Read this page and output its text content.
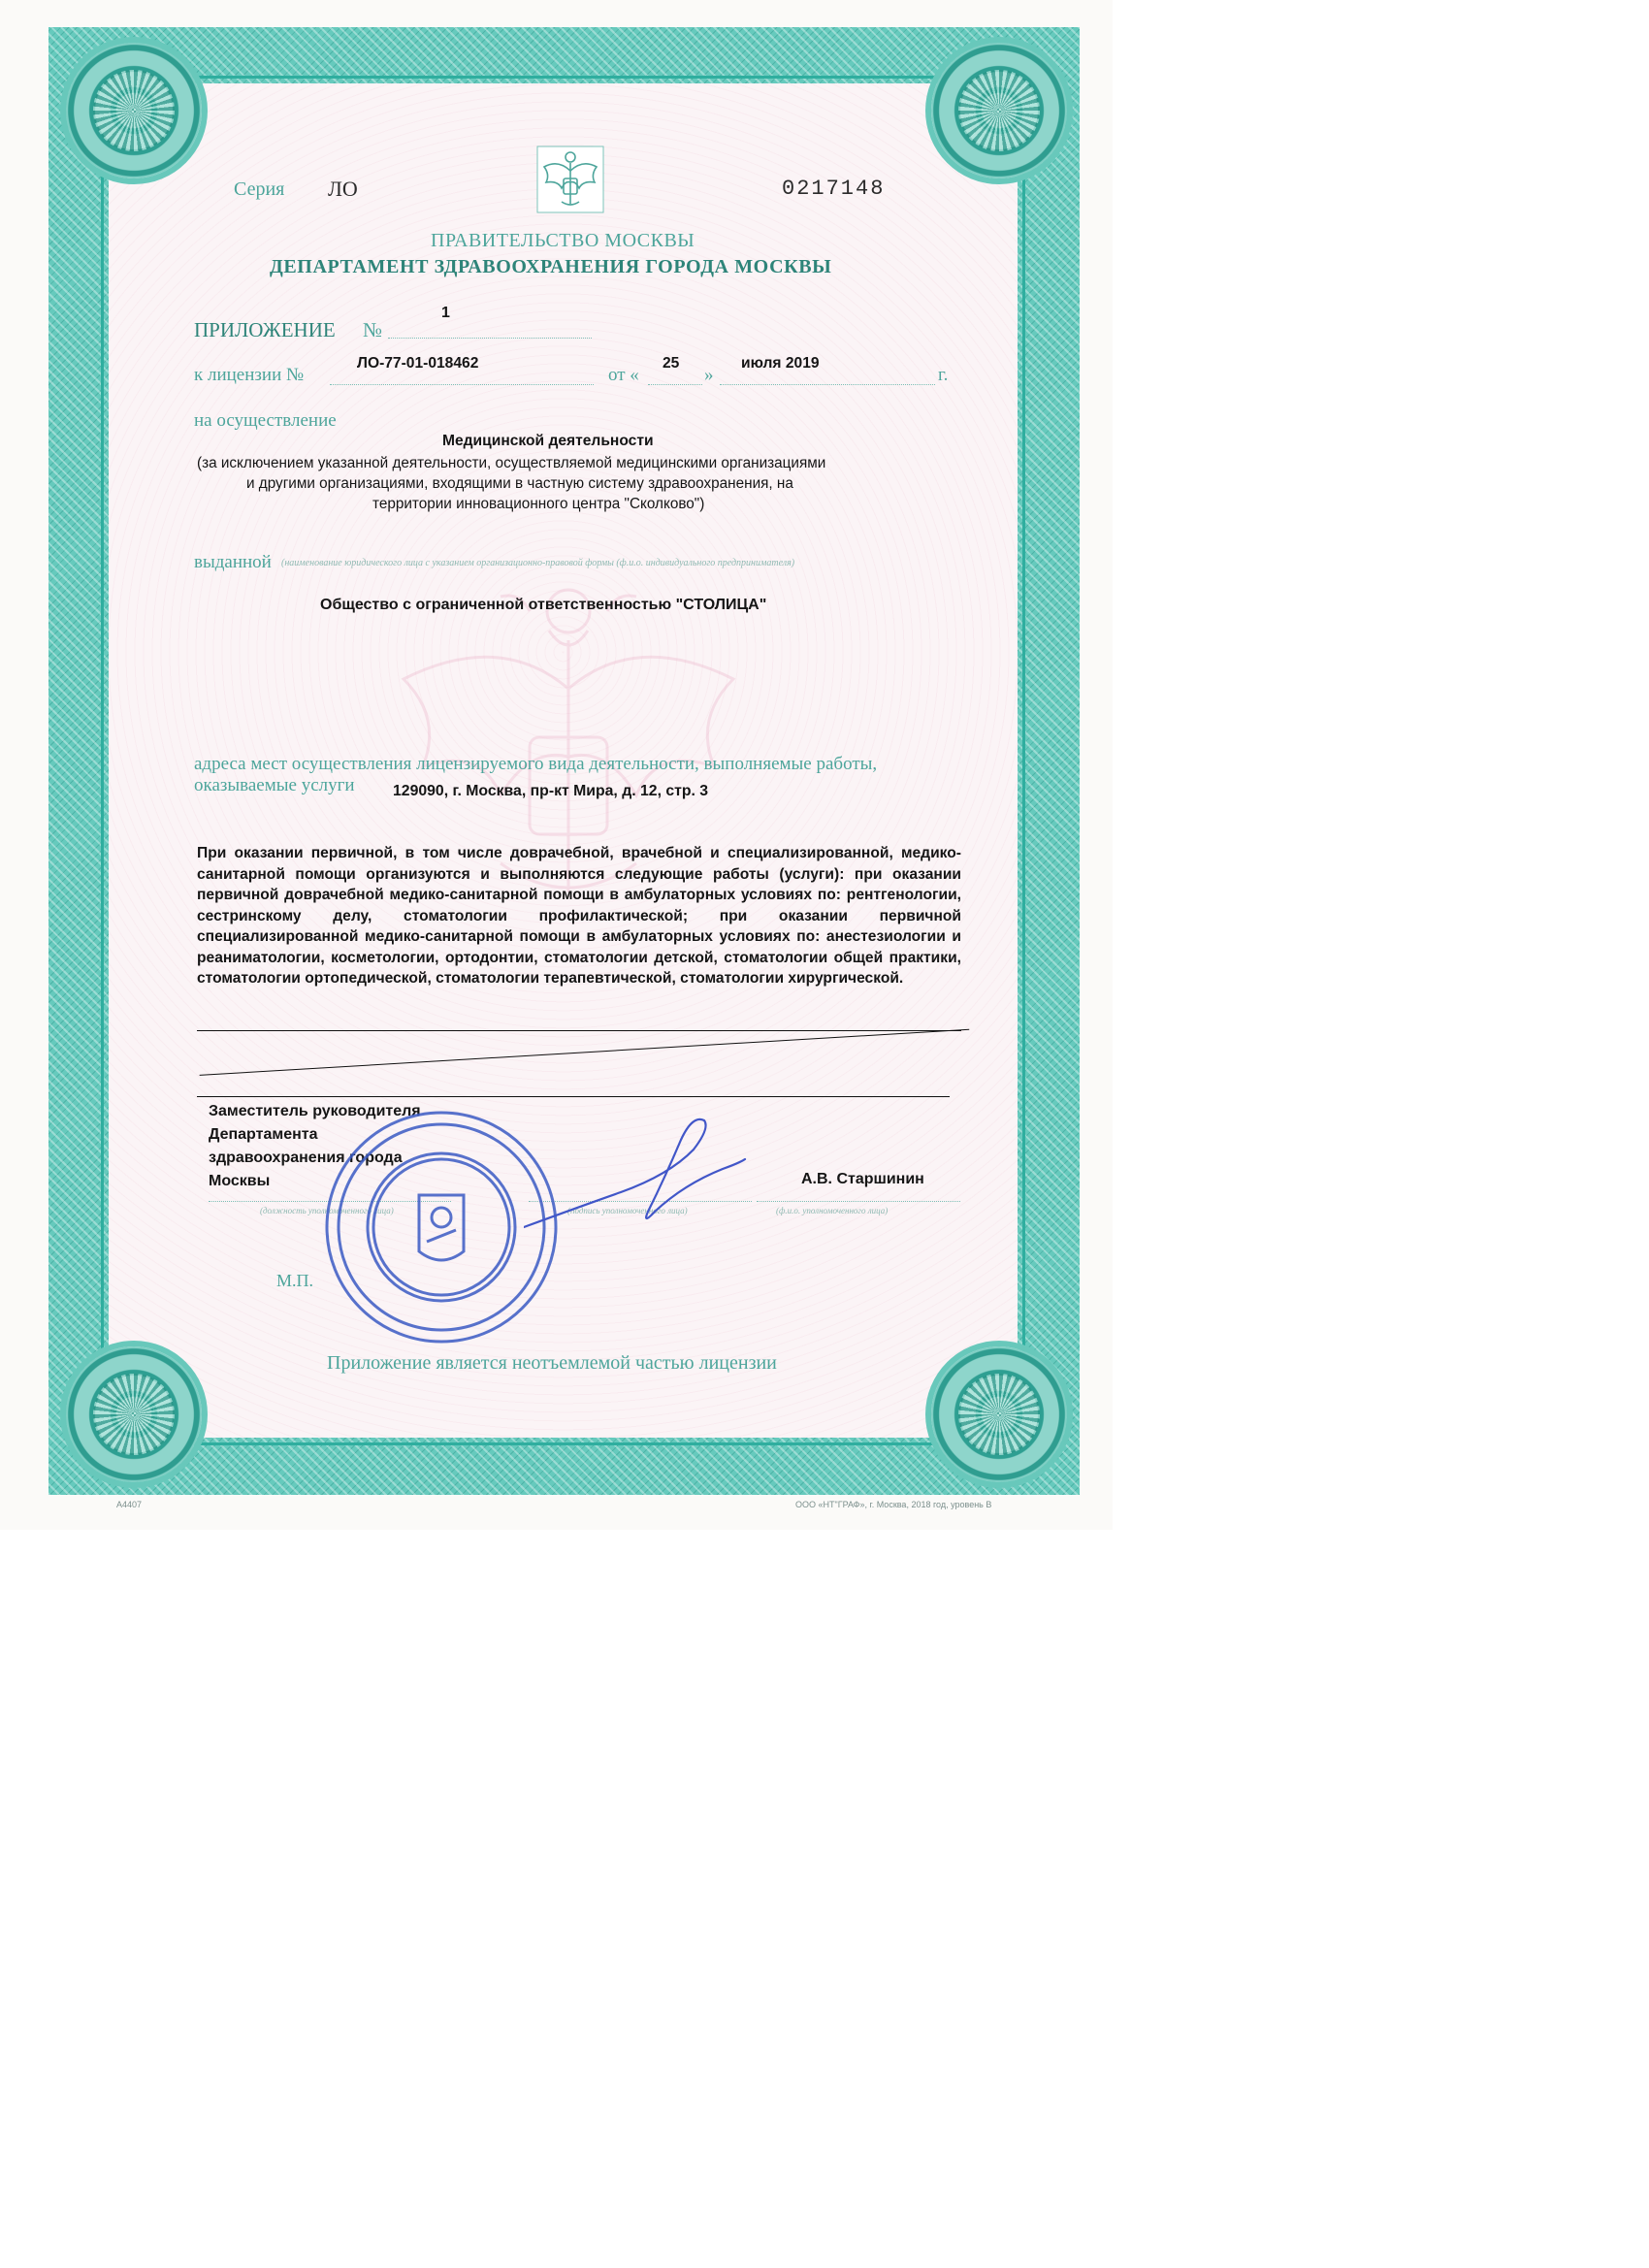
Серия ЛО	0217148
ПРАВИТЕЛЬСТВО МОСКВЫ
ДЕПАРТАМЕНТ ЗДРАВООХРАНЕНИЯ ГОРОДА МОСКВЫ
ПРИЛОЖЕНИЕ №
1
к лицензии №
ЛО-77-01-018462
от «
25
»
июля 2019
г.
на осуществление
Медицинской деятельности
(за исключением указанной деятельности, осуществляемой медицинскими организациями
и другими организациями, входящими в частную систему здравоохранения, на
территории инновационного центра "Сколково")
выданной (наименование юридического лица с указанием организационно-правовой формы (ф.и.о. индивидуального предпринимателя)
Общество с ограниченной ответственностью "СТОЛИЦА"
адреса мест осуществления лицензируемого вида деятельности, выполняемые работы,
оказываемые услуги 129090, г. Москва, пр-кт Мира, д. 12, стр. 3
При оказании первичной, в том числе доврачебной, врачебной и специализированной, медико-санитарной помощи организуются и выполняются следующие работы (услуги): при оказании первичной доврачебной медико-санитарной помощи в амбулаторных условиях по: рентгенологии, сестринскому делу, стоматологии профилактической; при оказании первичной специализированной медико-санитарной помощи в амбулаторных условиях по: анестезиологии и реаниматологии, косметологии, ортодонтии, стоматологии детской, стоматологии общей практики, стоматологии ортопедической, стоматологии терапевтической, стоматологии хирургической.
Заместитель руководителя
Департамента
здравоохранения города
Москвы	А.В. Старшинин
(должность уполномоченного лица)	(подпись уполномоченного лица)	(ф.и.о. уполномоченного лица)
М.П.
Приложение является неотъемлемой частью лицензии
А4407	ООО «НТ"ГРАФ», г. Москва, 2018 год, уровень В
